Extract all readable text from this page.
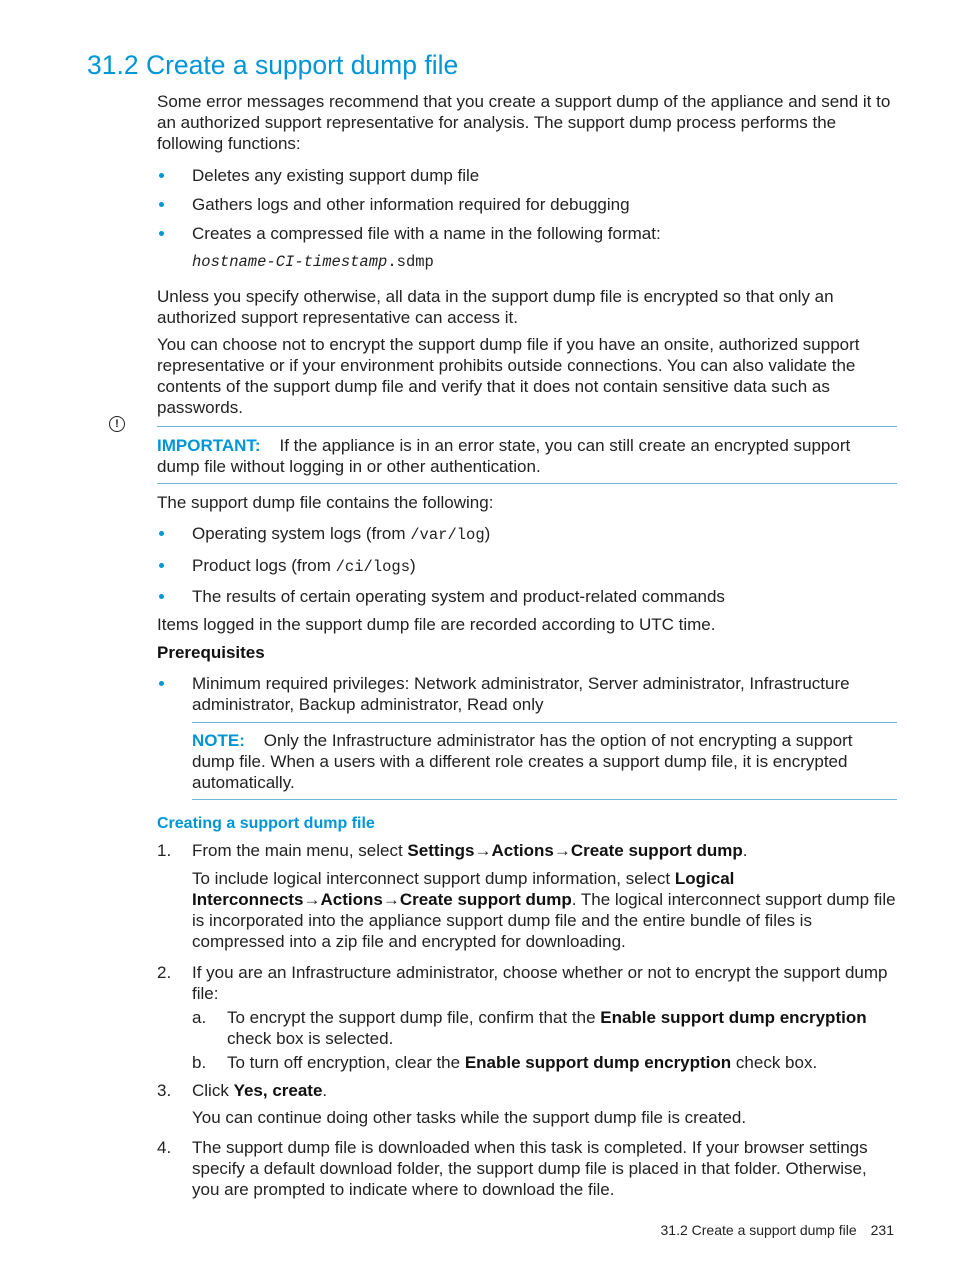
31.2 Create a support dump file
!

Some error messages recommend that you create a support dump of the appliance and send it to an authorized support representative for analysis. The support dump process performs the following functions:

Deletes any existing support dump file
Gathers logs and other information required for debugging
Creates a compressed file with a name in the following format:

hostname-CI-timestamp.sdmp

Unless you specify otherwise, all data in the support dump file is encrypted so that only an authorized support representative can access it.

You can choose not to encrypt the support dump file if you have an onsite, authorized support representative or if your environment prohibits outside connections. You can also validate the contents of the support dump file and verify that it does not contain sensitive data such as passwords.

IMPORTANT: If the appliance is in an error state, you can still create an encrypted support dump file without logging in or other authentication.

The support dump file contains the following:

Operating system logs (from /var/log)
Product logs (from /ci/logs)
The results of certain operating system and product-related commands

Items logged in the support dump file are recorded according to UTC time.

Prerequisites

Minimum required privileges: Network administrator, Server administrator, Infrastructure administrator, Backup administrator, Read only

NOTE: Only the Infrastructure administrator has the option of not encrypting a support dump file. When a users with a different role creates a support dump file, it is encrypted automatically.

Creating a support dump file

1. From the main menu, select Settings→Actions→Create support dump.

To include logical interconnect support dump information, select Logical Interconnects→Actions→Create support dump. The logical interconnect support dump file is incorporated into the appliance support dump file and the entire bundle of files is compressed into a zip file and encrypted for downloading.

2. If you are an Infrastructure administrator, choose whether or not to encrypt the support dump file:

a. To encrypt the support dump file, confirm that the Enable support dump encryption check box is selected.
b. To turn off encryption, clear the Enable support dump encryption check box.
3. Click Yes, create.

You can continue doing other tasks while the support dump file is created.

4. The support dump file is downloaded when this task is completed. If your browser settings specify a default download folder, the support dump file is placed in that folder. Otherwise, you are prompted to indicate where to download the file.

31.2 Create a support dump file 231
